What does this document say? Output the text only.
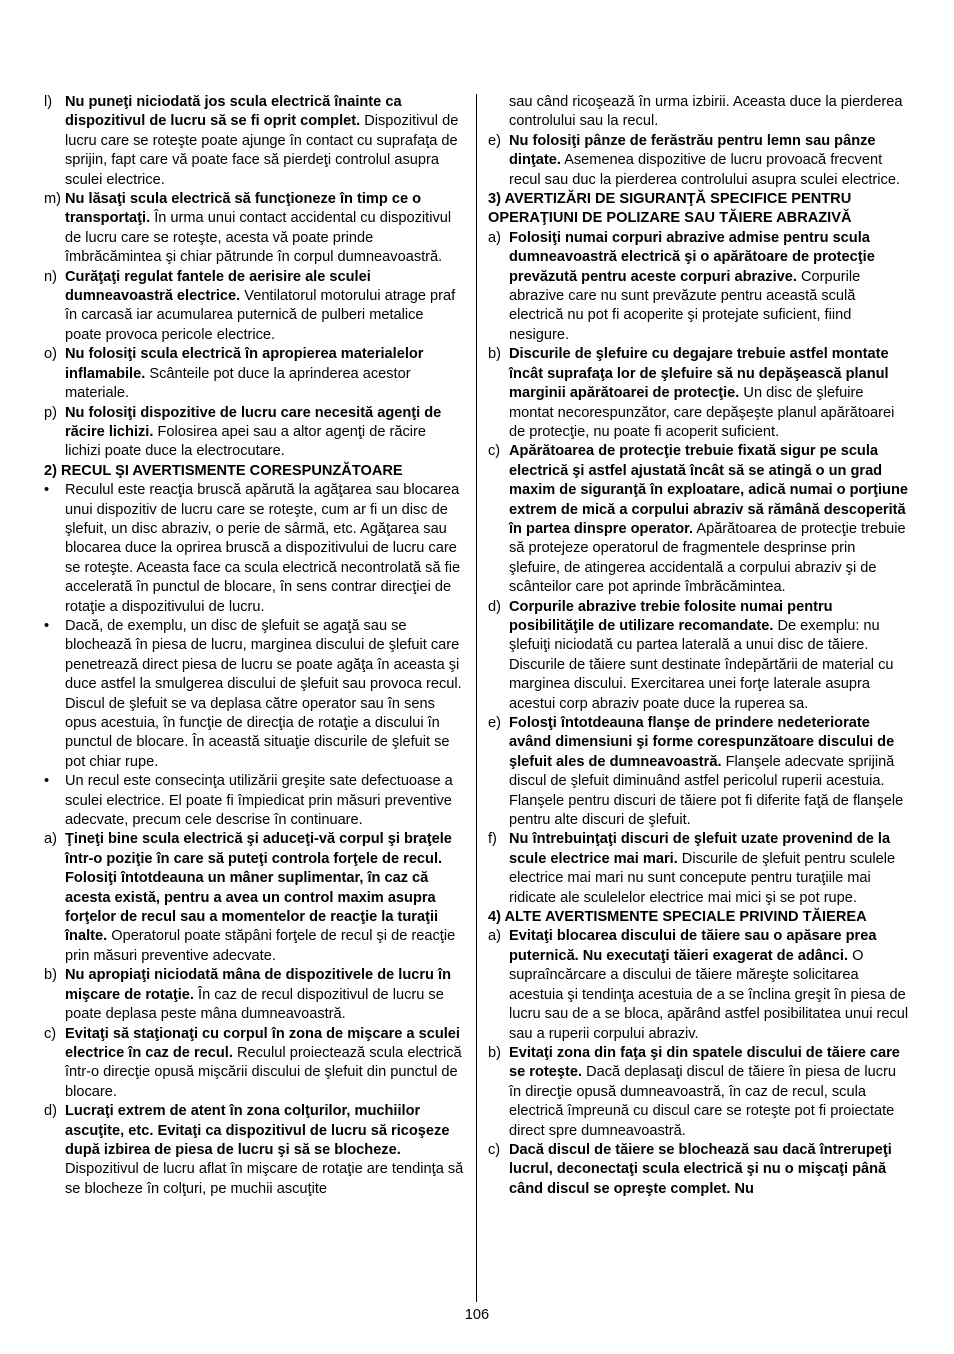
l) Nu puneţi niciodată jos scula electrică înainte ca dispozitivul de lucru să se fi oprit complet. Dispozitivul de lucru care se roteşte poate ajunge în contact cu suprafaţa de sprijin, fapt care vă poate face să pierdeţi controlul asupra sculei electrice.
m) Nu lăsaţi scula electrică să funcţioneze în timp ce o transportaţi. În urma unui contact accidental cu dispozitivul de lucru care se roteşte, acesta vă poate prinde îmbrăcămintea şi chiar pătrunde în corpul dumneavoastră.
n) Curăţaţi regulat fantele de aerisire ale sculei dumneavoastră electrice. Ventilatorul motorului atrage praf în carcasă iar acumularea puternică de pulberi metalice poate provoca pericole electrice.
o) Nu folosiţi scula electrică în apropierea materialelor inflamabile. Scânteile pot duce la aprinderea acestor materiale.
p) Nu folosiţi dispozitive de lucru care necesită agenţi de răcire lichizi. Folosirea apei sau a altor agenţi de răcire lichizi poate duce la electrocutare.
2) RECUL ŞI AVERTISMENTE CORESPUNZĂTOARE
• Reculul este reacţia bruscă apărută la agăţarea sau blocarea unui dispozitiv de lucru care se roteşte, cum ar fi un disc de şlefuit, un disc abraziv, o perie de sârmă, etc. Agăţarea sau blocarea duce la oprirea bruscă a dispozitivului de lucru care se roteşte. Aceasta face ca scula electrică necontrolată să fie accelerată în punctul de blocare, în sens contrar direcţiei de rotaţie a dispozitivului de lucru.
• Dacă, de exemplu, un disc de şlefuit se agaţă sau se blochează în piesa de lucru, marginea discului de şlefuit care penetrează direct piesa de lucru se poate agăţa în aceasta şi duce astfel la smulgerea discului de şlefuit sau provoca recul. Discul de şlefuit se va deplasa către operator sau în sens opus acestuia, în funcţie de direcţia de rotaţie a discului în punctul de blocare. În această situaţie discurile de şlefuit se pot chiar rupe.
• Un recul este consecinţa utilizării greşite sate defectuoase a sculei electrice. El poate fi împiedicat prin măsuri preventive adecvate, precum cele descrise în continuare.
a) Ţineţi bine scula electrică şi aduceţi-vă corpul şi braţele într-o poziţie în care să puteţi controla forţele de recul. Folosiţi întotdeauna un mâner suplimentar, în caz că acesta există, pentru a avea un control maxim asupra forţelor de recul sau a momentelor de reacţie la turaţii înalte. Operatorul poate stăpâni forţele de recul şi de reacţie prin măsuri preventive adecvate.
b) Nu apropiaţi niciodată mâna de dispozitivele de lucru în mişcare de rotaţie. În caz de recul dispozitivul de lucru se poate deplasa peste mâna dumneavoastră.
c) Evitaţi să staţionaţi cu corpul în zona de mişcare a sculei electrice în caz de recul. Reculul proiectează scula electrică într-o direcţie opusă mişcării discului de şlefuit din punctul de blocare.
d) Lucraţi extrem de atent în zona colţurilor, muchiilor ascuţite, etc. Evitaţi ca dispozitivul de lucru să ricoşeze după izbirea de piesa de lucru şi să se blocheze. Dispozitivul de lucru aflat în mişcare de rotaţie are tendinţa să se blocheze în colţuri, pe muchii ascuţite
sau când ricoşează în urma izbirii. Aceasta duce la pierderea controlului sau la recul.
e) Nu folosiţi pânze de ferăstrău pentru lemn sau pânze dinţate. Asemenea dispozitive de lucru provoacă frecvent recul sau duc la pierderea controlului asupra sculei electrice.
3) AVERTIZĂRI DE SIGURANŢĂ SPECIFICE PENTRU OPERAŢIUNI DE POLIZARE SAU TĂIERE ABRAZIVĂ
a) Folosiţi numai corpuri abrazive admise pentru scula dumneavoastră electrică şi o apărătoare de protecţie prevăzută pentru aceste corpuri abrazive. Corpurile abrazive care nu sunt prevăzute pentru această sculă electrică nu pot fi acoperite şi protejate suficient, fiind nesigure.
b) Discurile de şlefuire cu degajare trebuie astfel montate încât suprafaţa lor de şlefuire să nu depăşească planul marginii apărătoarei de protecţie. Un disc de şlefuire montat necorespunzător, care depăşeşte planul apărătoarei de protecţie, nu poate fi acoperit suficient.
c) Apărătoarea de protecţie trebuie fixată sigur pe scula electrică şi astfel ajustată încât să se atingă o un grad maxim de siguranţă în exploatare, adică numai o porţiune extrem de mică a corpului abraziv să rămână descoperită în partea dinspre operator. Apărătoarea de protecţie trebuie să protejeze operatorul de fragmentele desprinse prin şlefuire, de atingerea accidentală a corpului abraziv şi de scânteilor care pot aprinde îmbrăcămintea.
d) Corpurile abrazive trebie folosite numai pentru posibilităţile de utilizare recomandate. De exemplu: nu şlefuiţi niciodată cu partea laterală a unui disc de tăiere. Discurile de tăiere sunt destinate îndepărtării de material cu marginea discului. Exercitarea unei forţe laterale asupra acestui corp abraziv poate duce la ruperea sa.
e) Folosţi întotdeauna flanşe de prindere nedeteriorate având dimensiuni şi forme corespunzătoare discului de şlefuit ales de dumneavoastră. Flanşele adecvate sprijină discul de şlefuit diminuând astfel pericolul ruperii acestuia. Flanşele pentru discuri de tăiere pot fi diferite faţă de flanşele pentru alte discuri de şlefuit.
f) Nu întrebuinţaţi discuri de şlefuit uzate provenind de la scule electrice mai mari. Discurile de şlefuit pentru sculele electrice mai mari nu sunt concepute pentru turaţiile mai ridicate ale sculelelor electrice mai mici şi se pot rupe.
4) ALTE AVERTISMENTE SPECIALE PRIVIND TĂIEREA
a) Evitaţi blocarea discului de tăiere sau o apăsare prea puternică. Nu executaţi tăieri exagerat de adânci. O supraîncărcare a discului de tăiere măreşte solicitarea acestuia şi tendinţa acestuia de a se înclina greşit în piesa de lucru sau de a se bloca, apărând astfel posibilitatea unui recul sau a ruperii corpului abraziv.
b) Evitaţi zona din faţa şi din spatele discului de tăiere care se roteşte. Dacă deplasaţi discul de tăiere în piesa de lucru în direcţie opusă dumneavoastră, în caz de recul, scula electrică împreună cu discul care se roteşte pot fi proiectate direct spre dumneavoastră.
c) Dacă discul de tăiere se blochează sau dacă întrerupeţi lucrul, deconectaţi scula electrică şi nu o mişcaţi până când discul se opreşte complet. Nu
106
